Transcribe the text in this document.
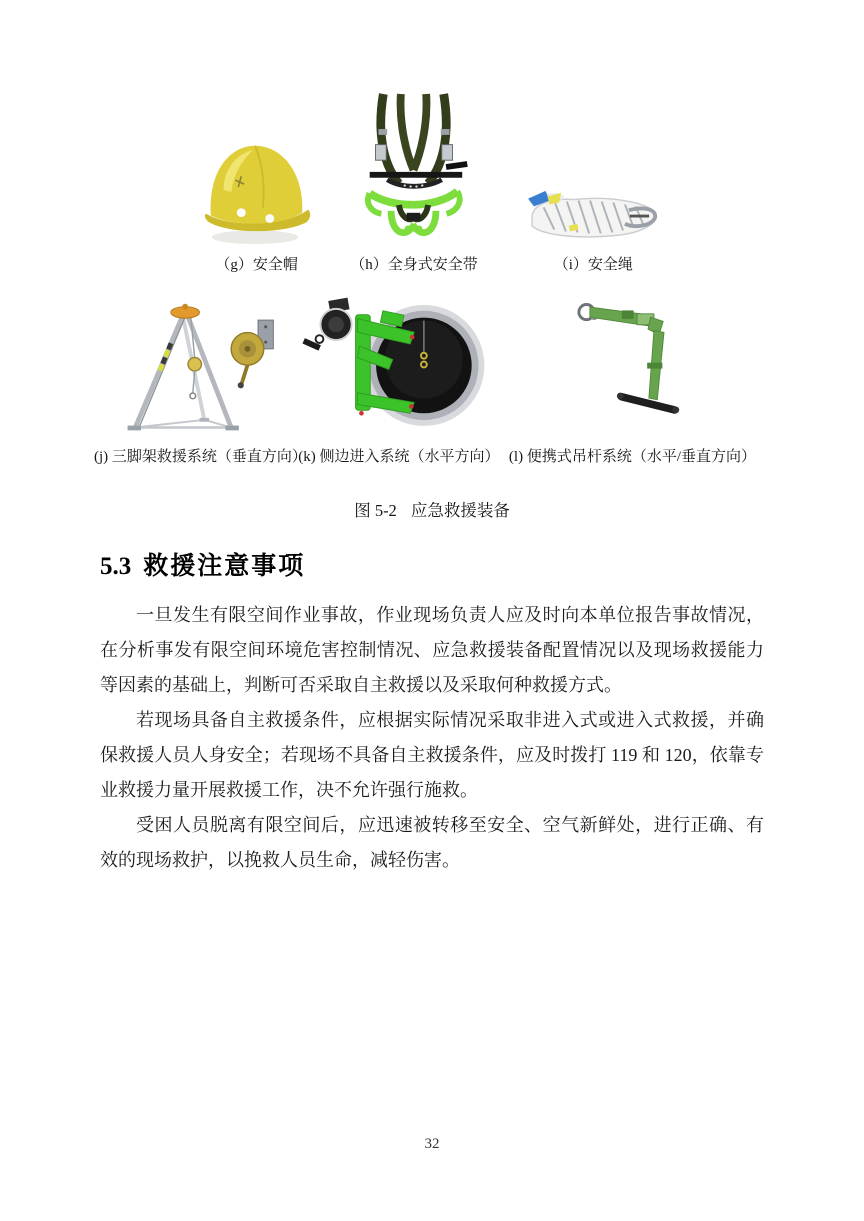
（g）安全帽	（h）全身式安全带	（i）安全绳
(j) 三脚架救援系统（垂直方向）
(k) 侧边进入系统（水平方向） (l) 便携式吊杆系统（水平/垂直方向）
图 5-2 应急救援装备
5.3 救援注意事项

一旦发生有限空间作业事故，作业现场负责人应及时向本单位报告事故情况，在分析事发有限空间环境危害控制情况、应急救援装备配置情况以及现场救援能力等因素的基础上，判断可否采取自主救援以及采取何种救援方式。

若现场具备自主救援条件，应根据实际情况采取非进入式或进入式救援，并确保救援人员人身安全；若现场不具备自主救援条件，应及时拨打 119 和 120，依靠专业救援力量开展救援工作，决不允许强行施救。

受困人员脱离有限空间后，应迅速被转移至安全、空气新鲜处，进行正确、有效的现场救护，以挽救人员生命，减轻伤害。

32
